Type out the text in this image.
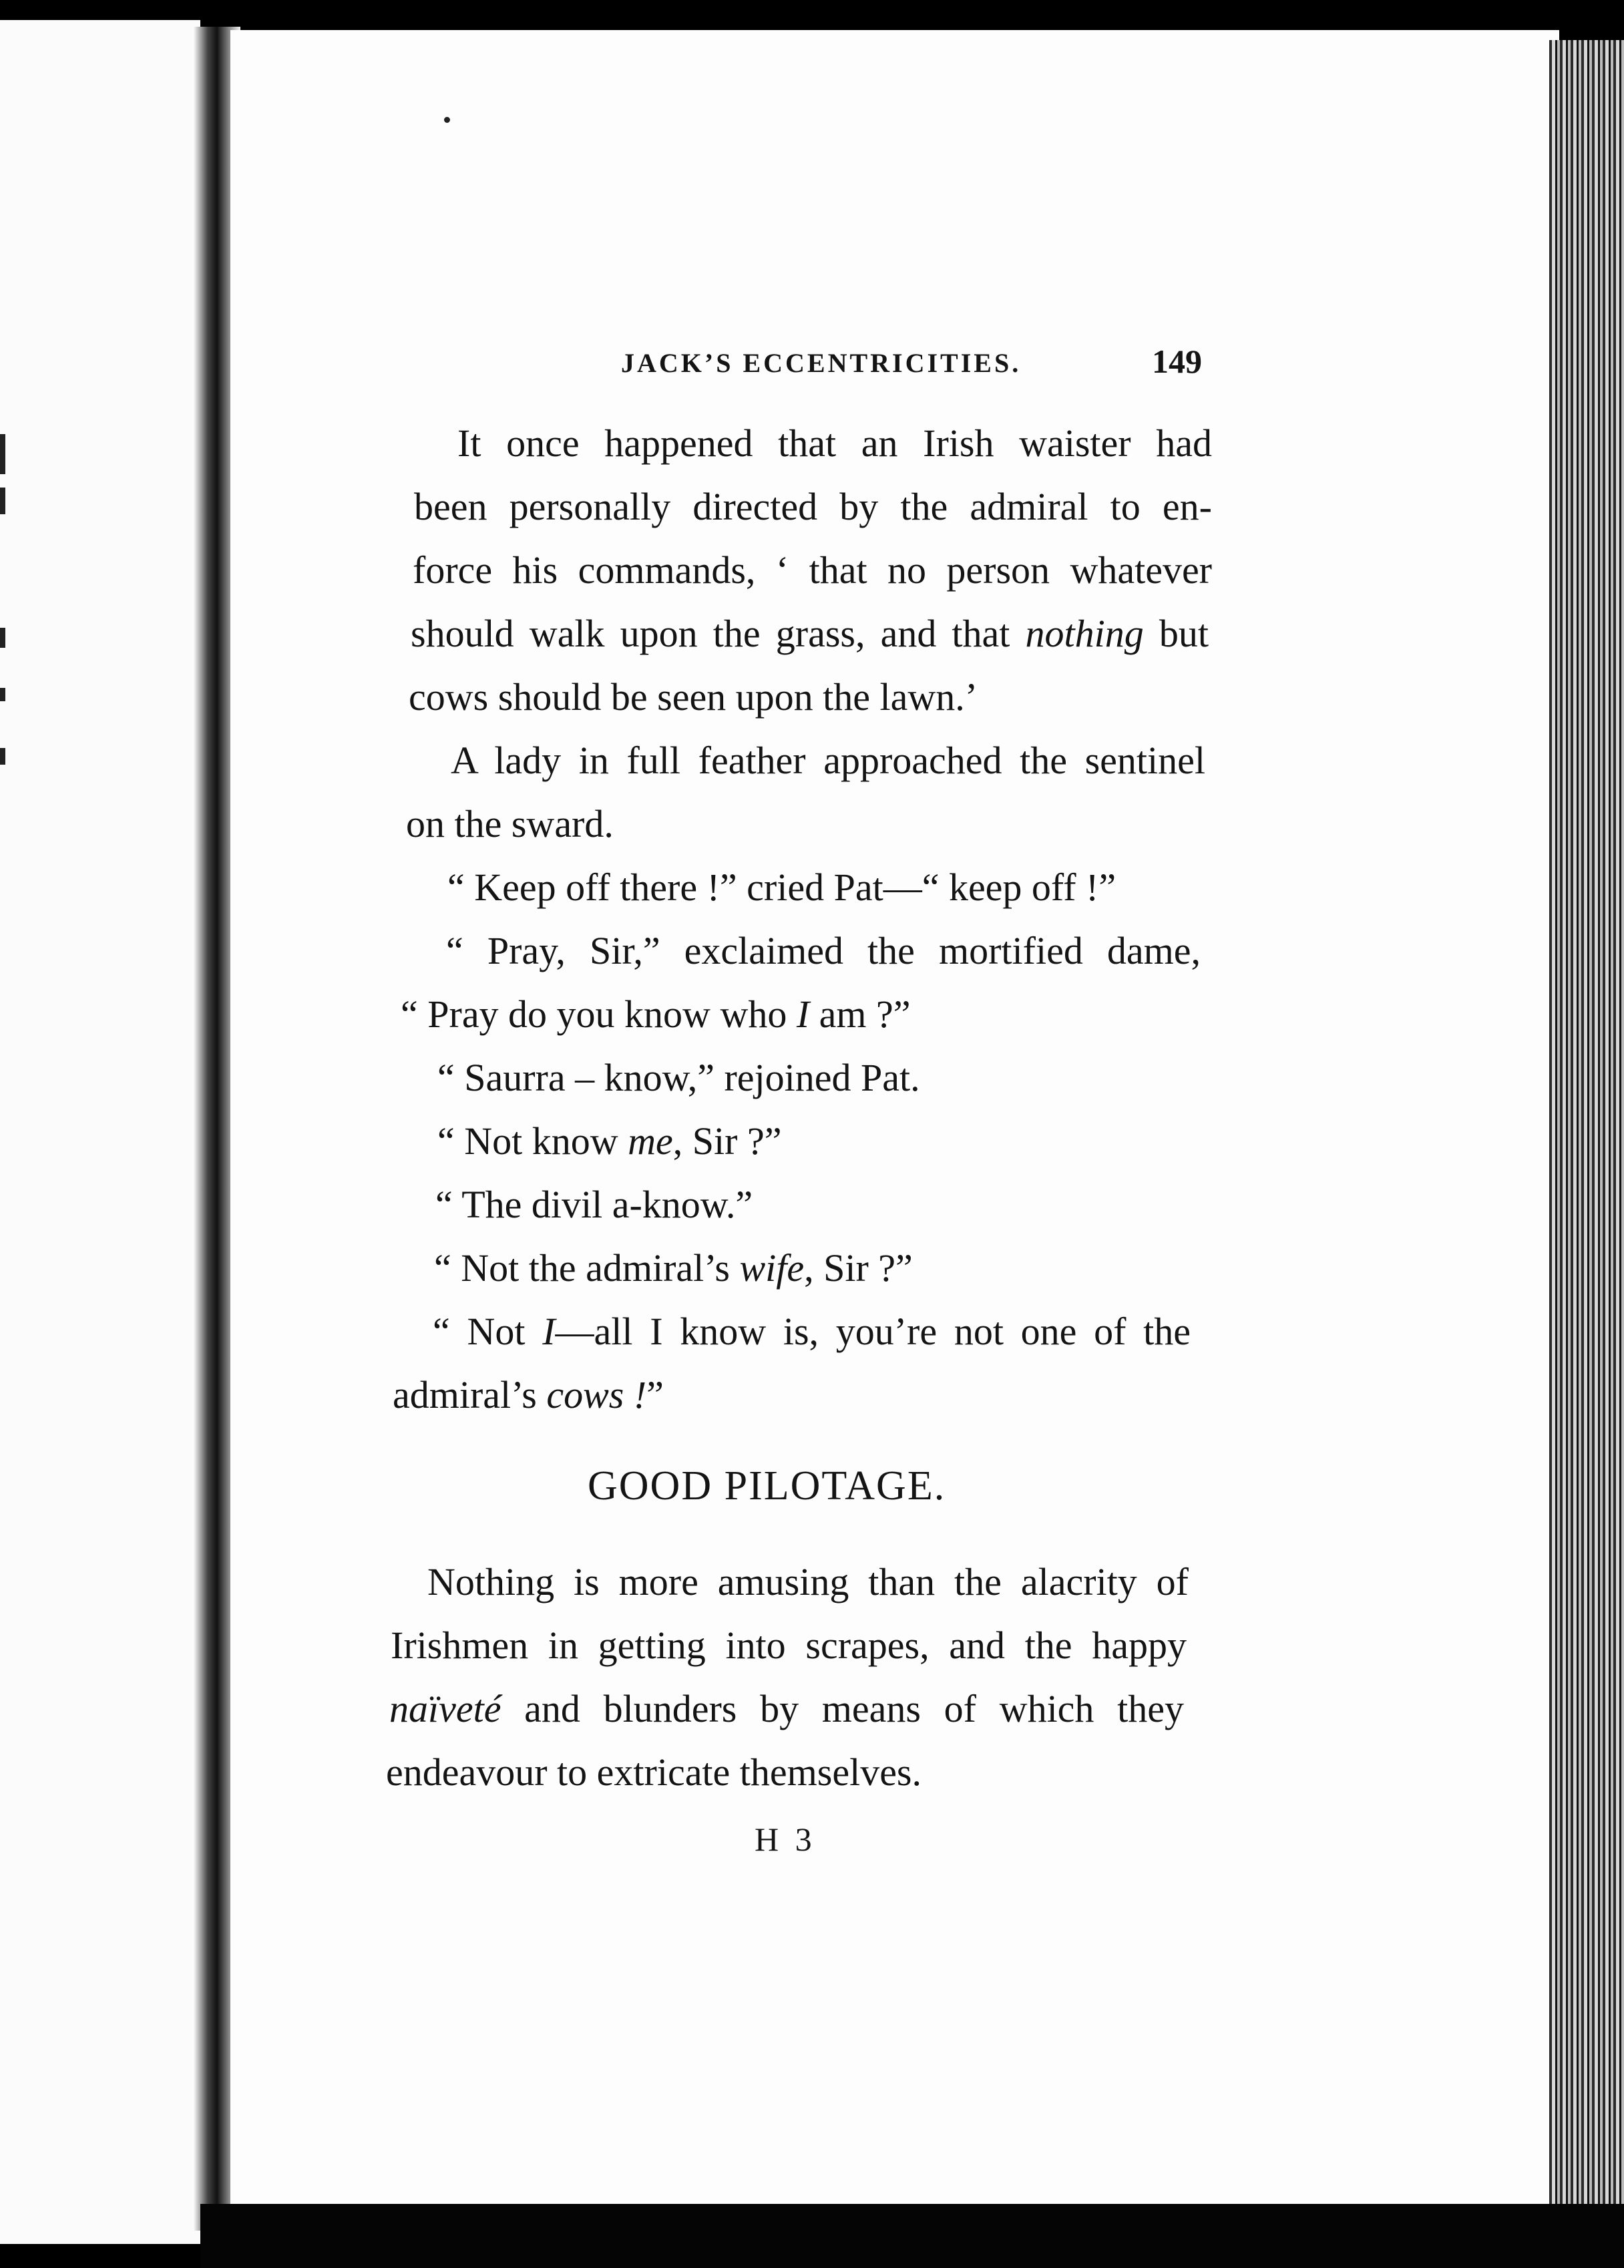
JACK’S ECCENTRICITIES.	149
It once happened that an Irish waister had
been personally directed by the admiral to en-
force his commands, ‘ that no person whatever
should walk upon the grass, and that nothing but
cows should be seen upon the lawn.’
A lady in full feather approached the sentinel
on the sward.
“ Keep off there !” cried Pat—“ keep off !”
“ Pray, Sir,” exclaimed the mortified dame,
“ Pray do you know who I am ?”
“ Saurra – know,” rejoined Pat.
“ Not know me, Sir ?”
“ The divil a-know.”
“ Not the admiral’s wife, Sir ?”
“ Not I—all I know is, you’re not one of the
admiral’s cows !”
Nothing is more amusing than the alacrity of
Irishmen in getting into scrapes, and the happy
naïveté and blunders by means of which they
endeavour to extricate themselves.
GOOD PILOTAGE.
H 3
